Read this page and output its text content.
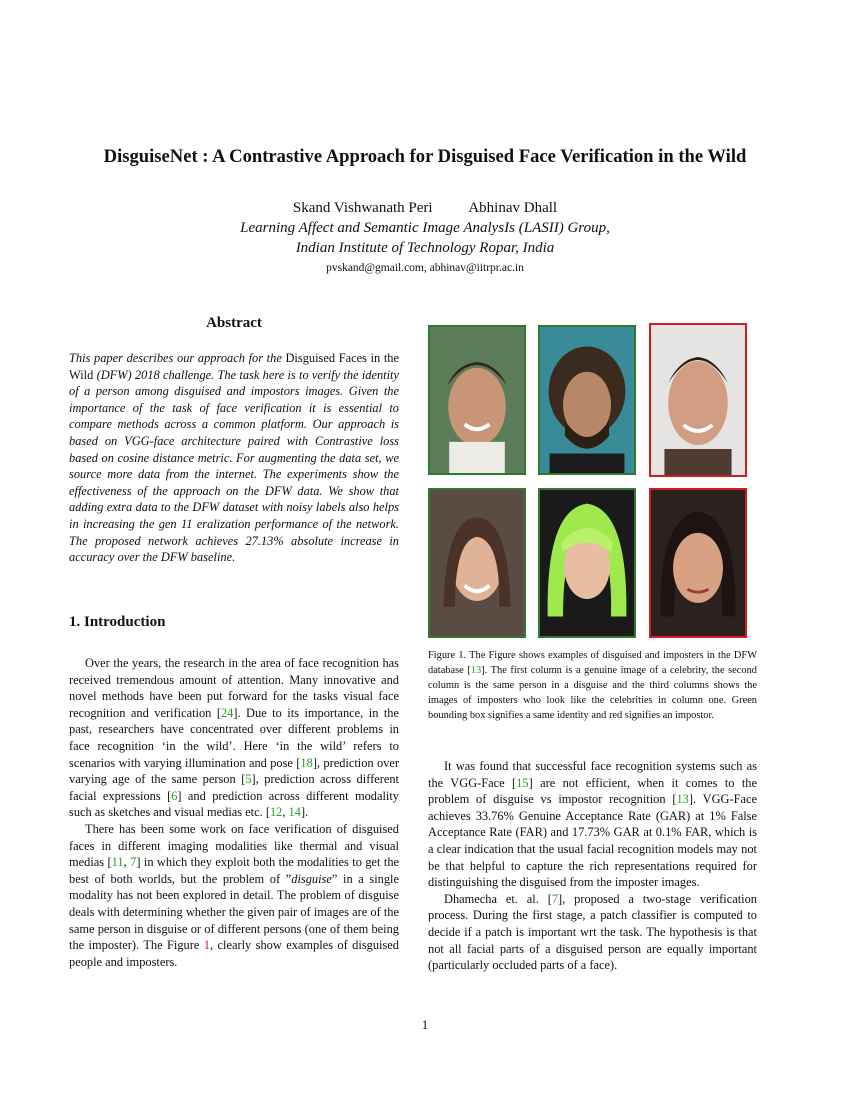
DisguiseNet : A Contrastive Approach for Disguised Face Verification in the Wild
Skand Vishwanath Peri Abhinav Dhall
Learning Affect and Semantic Image AnalysIs (LASII) Group,
Indian Institute of Technology Ropar, India
pvskand@gmail.com, abhinav@iitrpr.ac.in
Abstract

This paper describes our approach for the Disguised Faces in the Wild (DFW) 2018 challenge. The task here is to verify the identity of a person among disguised and impostors images. Given the importance of the task of face verification it is essential to compare methods across a common platform. Our approach is based on VGG-face architecture paired with Contrastive loss based on cosine distance metric. For augmenting the data set, we source more data from the internet. The experiments show the effectiveness of the approach on the DFW data. We show that adding extra data to the DFW dataset with noisy labels also helps in increasing the gen 11 eralization performance of the network. The proposed network achieves 27.13% absolute increase in accuracy over the DFW baseline.

1. Introduction

Over the years, the research in the area of face recognition has received tremendous amount of attention. Many innovative and novel methods have been put forward for the tasks visual face recognition and verification [24]. Due to its importance, in the past, researchers have concentrated over different problems in face recognition ‘in the wild’. Here ‘in the wild’ refers to scenarios with varying illumination and pose [18], prediction over varying age of the same person [5], prediction across different facial expressions [6] and prediction across different modality such as sketches and visual medias etc. [12, 14].

There has been some work on face verification of disguised faces in different imaging modalities like thermal and visual medias [11, 7] in which they exploit both the modalities to get the best of both worlds, but the problem of ”disguise” in a single modality has not been explored in detail. The problem of disguise deals with determining whether the given pair of images are of the same person in disguise or of different persons (one of them being the imposter). The Figure 1, clearly show examples of disguised people and imposters.

Figure 1. The Figure shows examples of disguised and imposters in the DFW database [13]. The first column is a genuine image of a celebrity, the second column is the same person in a disguise and the third columns shows the images of imposters who look like the celebrities in column one. Green bounding box signifies a same identity and red signifies an impostor.

It was found that successful face recognition systems such as the VGG-Face [15] are not efficient, when it comes to the problem of disguise vs impostor recognition [13]. VGG-Face achieves 33.76% Genuine Acceptance Rate (GAR) at 1% False Acceptance Rate (FAR) and 17.73% GAR at 0.1% FAR, which is a clear indication that the usual facial recognition models may not be that helpful to capture the rich representations required for distinguishing the disguised from the imposter images.

Dhamecha et. al. [7], proposed a two-stage verification process. During the first stage, a patch classifier is computed to decide if a patch is important wrt the task. The hypothesis is that not all facial parts of a disguised person are equally important (particularly occluded parts of a face).

1
